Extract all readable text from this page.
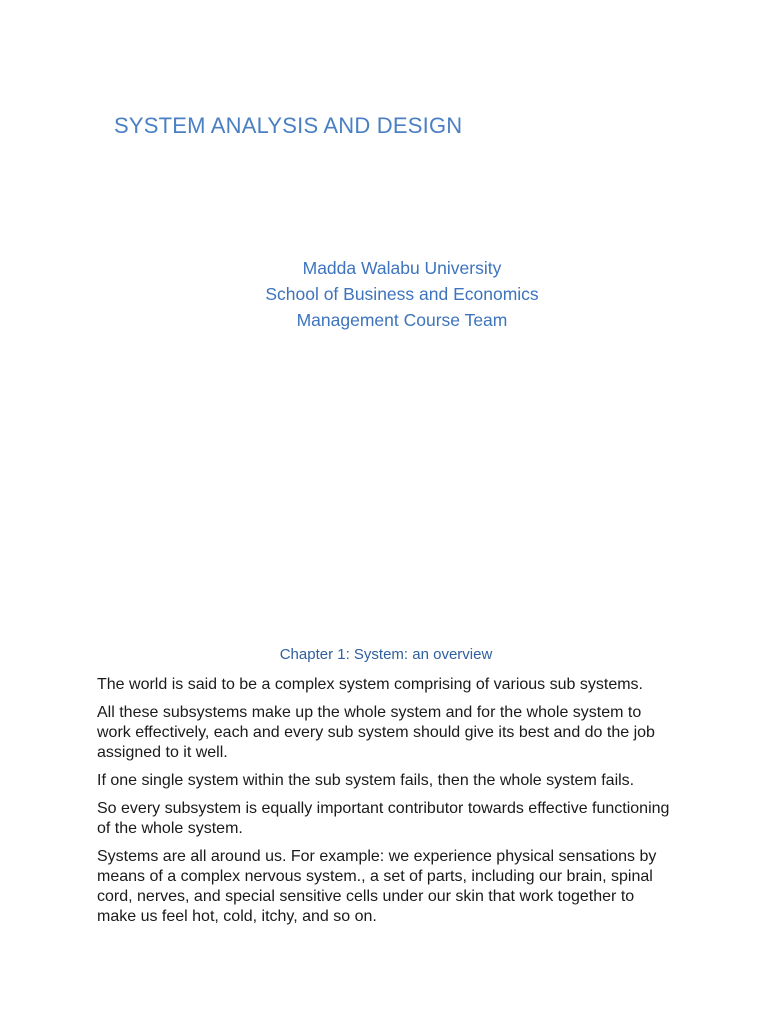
SYSTEM ANALYSIS AND DESIGN
Madda Walabu University
School of Business and Economics
Management Course Team
Chapter 1: System: an overview

The world is said to be a complex system comprising of various sub systems.

All these subsystems make up the whole system and for the whole system to work effectively, each and every sub system should give its best and do the job assigned to it well.

If one single system within the sub system fails, then the whole system fails.

So every subsystem is equally important contributor towards effective functioning of the whole system.

Systems are all around us. For example: we experience physical sensations by means of a complex nervous system., a set of parts, including our brain, spinal cord, nerves, and special sensitive cells under our skin that work together to make us feel hot, cold, itchy, and so on.
